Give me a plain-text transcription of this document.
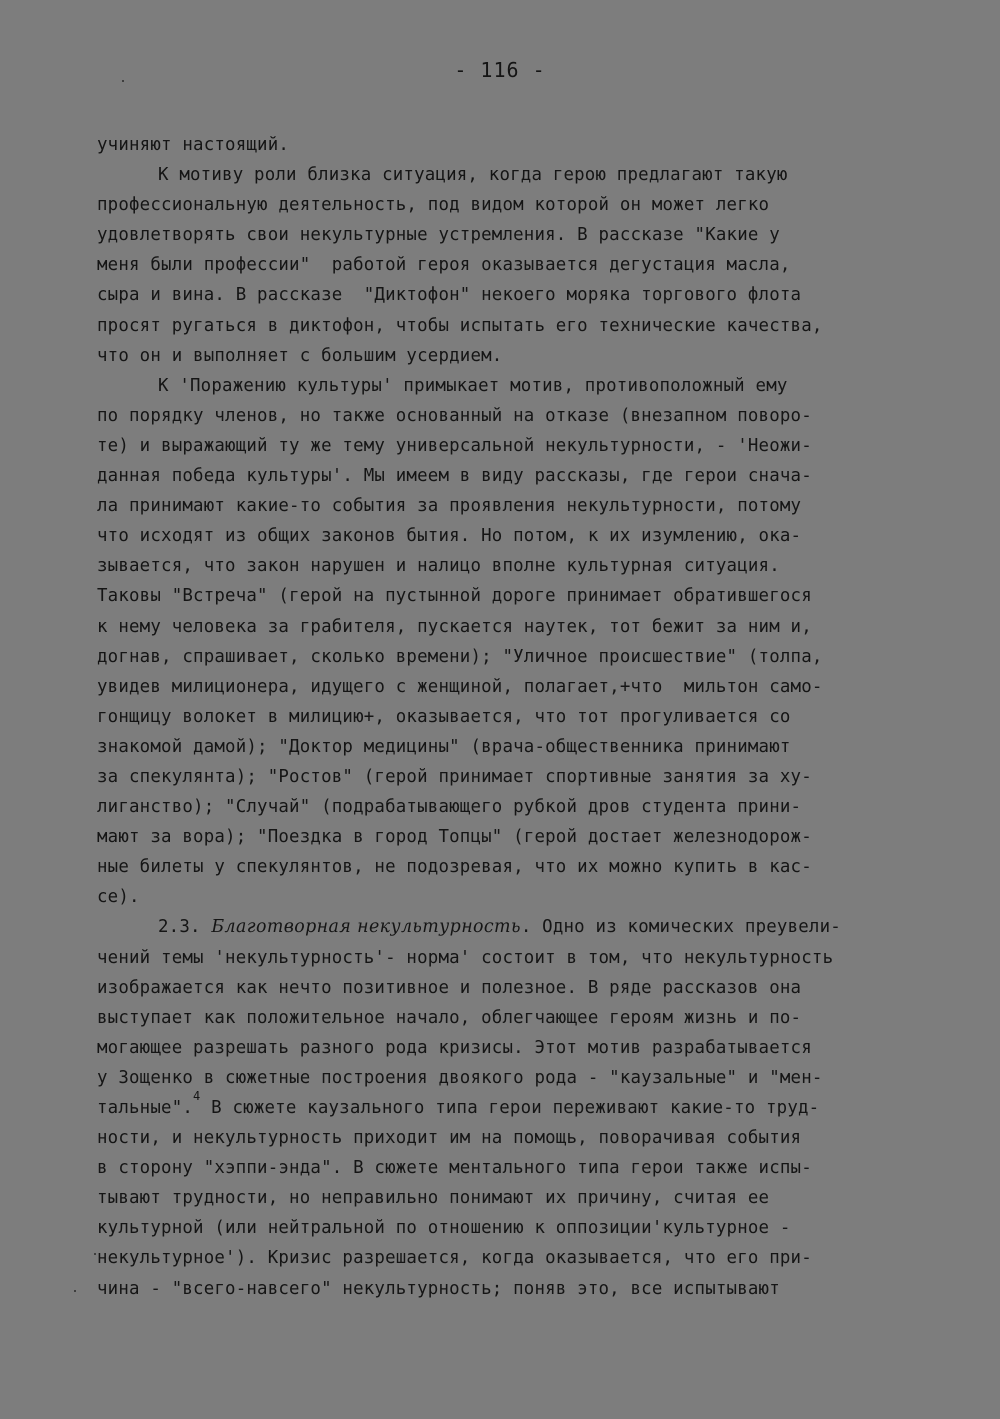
- 116 -
учиняют настоящий.
К мотиву роли близка ситуация, когда герою предлагают такую
профессиональную деятельность, под видом которой он может легко
удовлетворять свои некультурные устремления. В рассказе "Какие у
меня были профессии"  работой героя оказывается дегустация масла,
сыра и вина. В рассказе  "Диктофон" некоего моряка торгового флота
просят ругаться в диктофон, чтобы испытать его технические качества,
что он и выполняет с большим усердием.
К 'Поражению культуры' примыкает мотив, противоположный ему
по порядку членов, но также основанный на отказе (внезапном поворо-
те) и выражающий ту же тему универсальной некультурности, - 'Неожи-
данная победа культуры'. Мы имеем в виду рассказы, где герои снача-
ла принимают какие-то события за проявления некультурности, потому
что исходят из общих законов бытия. Но потом, к их изумлению, ока-
зывается, что закон нарушен и налицо вполне культурная ситуация.
Таковы "Встреча" (герой на пустынной дороге принимает обратившегося
к нему человека за грабителя, пускается наутек, тот бежит за ним и,
догнав, спрашивает, сколько времени); "Уличное происшествие" (толпа,
увидев милиционера, идущего с женщиной, полагает,+что  мильтон само-
гонщицу волокет в милицию+, оказывается, что тот прогуливается со
знакомой дамой); "Доктор медицины" (врача-общественника принимают
за спекулянта); "Ростов" (герой принимает спортивные занятия за ху-
лиганство); "Случай" (подрабатывающего рубкой дров студента прини-
мают за вора); "Поездка в город Топцы" (герой достает железнодорож-
ные билеты у спекулянтов, не подозревая, что их можно купить в кас-
се).
2.3. Благотворная некультурность. Одно из комических преувели-
чений темы 'некультурность'- норма' состоит в том, что некультурность
изображается как нечто позитивное и полезное. В ряде рассказов она
выступает как положительное начало, облегчающее героям жизнь и по-
могающее разрешать разного рода кризисы. Этот мотив разрабатывается
у Зощенко в сюжетные построения двоякого рода - "каузальные" и "мен-
тальные".$^4$ В сюжете каузального типа герои переживают какие-то труд-
ности, и некультурность приходит им на помощь, поворачивая события
в сторону "хэппи-энда". В сюжете ментального типа герои также испы-
тывают трудности, но неправильно понимают их причину, считая ее
культурной (или нейтральной по отношению к оппозиции'культурное -
некультурное'). Кризис разрешается, когда оказывается, что его при-
чина - "всего-навсего" некультурность; поняв это, все испытывают
